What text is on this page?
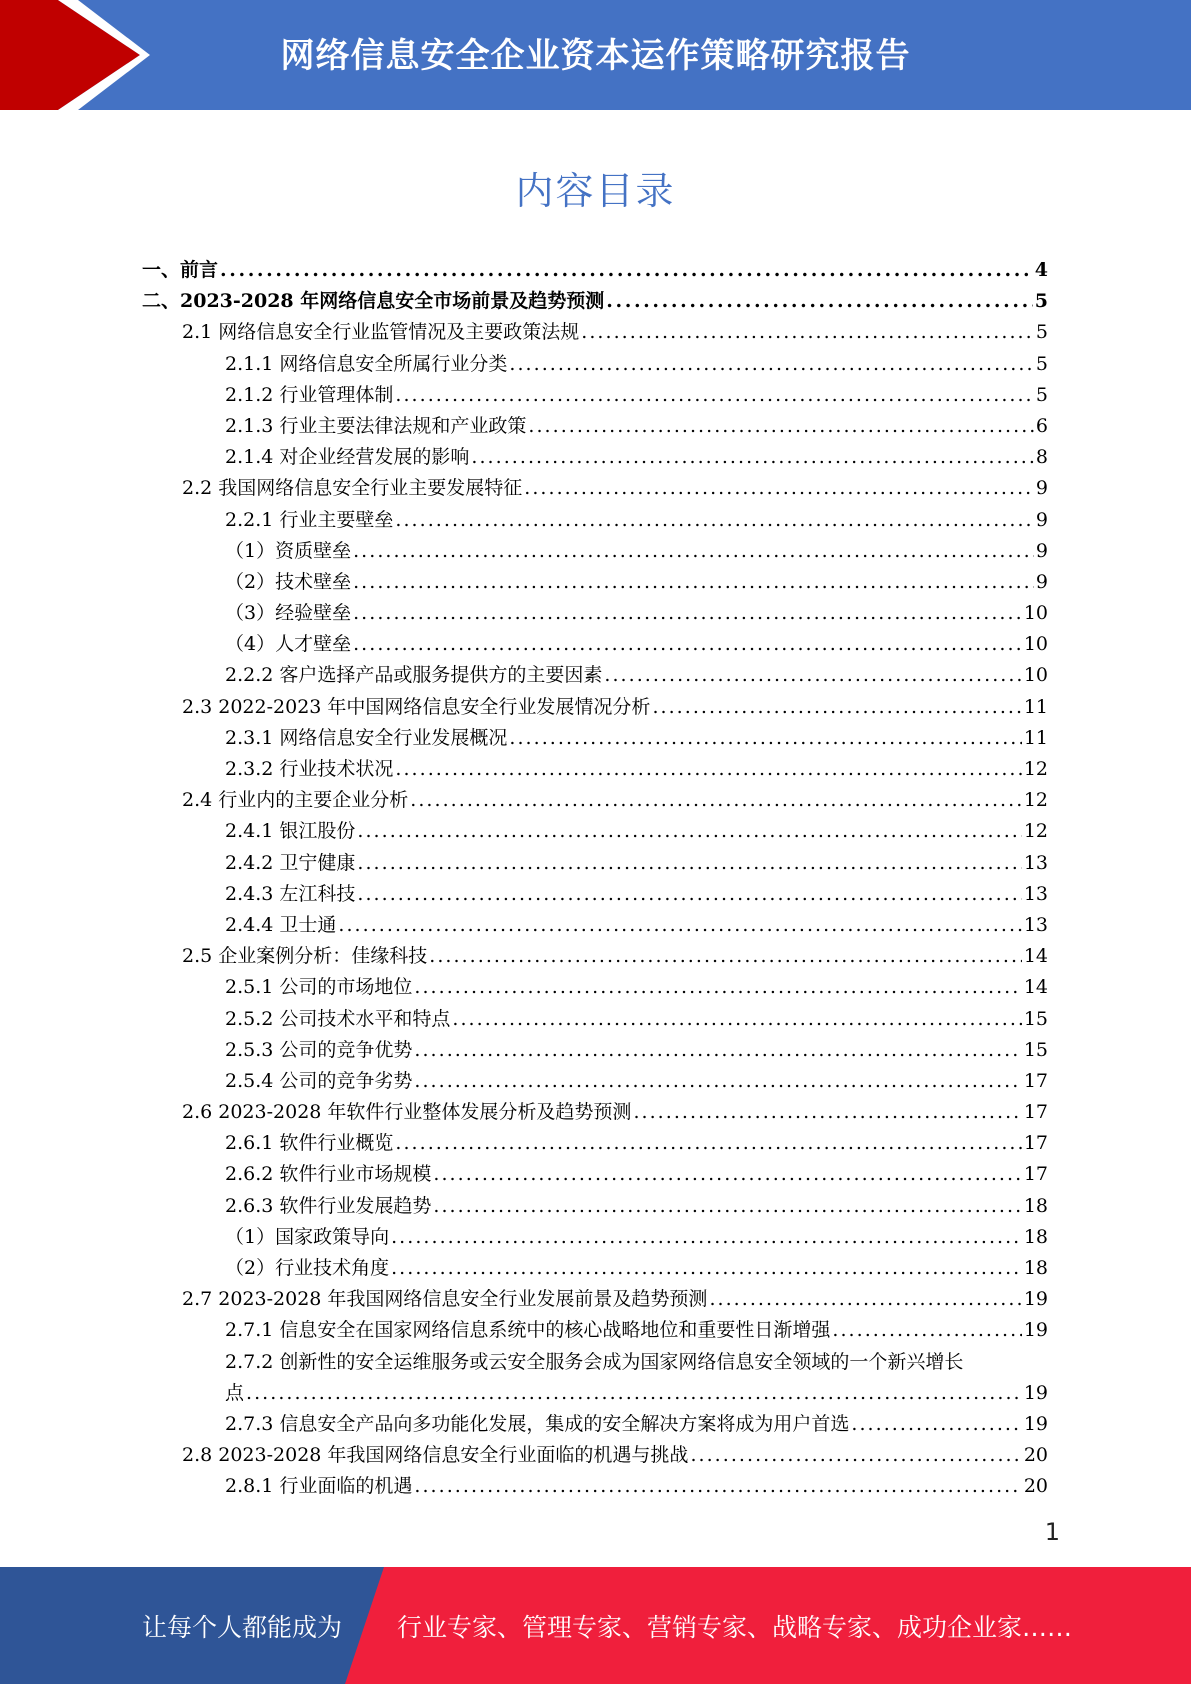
网络信息安全企业资本运作策略研究报告
内容目录
一、前言 . . .	4
二、2023-2028 年网络信息安全市场前景及趋势预测 . . .	5
2.1 网络信息安全行业监管情况及主要政策法规 . . .	5
2.1.1 网络信息安全所属行业分类 . . .	5
2.1.2 行业管理体制 . . .	5
2.1.3 行业主要法律法规和产业政策 . . .	6
2.1.4 对企业经营发展的影响 . . .	8
2.2 我国网络信息安全行业主要发展特征 . . .	9
2.2.1 行业主要壁垒 . . .	9
（1）资质壁垒 . . .	9
（2）技术壁垒 . . .	9
（3）经验壁垒 . . .	10
（4）人才壁垒 . . .	10
2.2.2 客户选择产品或服务提供方的主要因素 . . .	10
2.3 2022-2023 年中国网络信息安全行业发展情况分析 . . .	11
2.3.1 网络信息安全行业发展概况 . . .	11
2.3.2 行业技术状况 . . .	12
2.4 行业内的主要企业分析 . . .	12
2.4.1 银江股份 . . .	12
2.4.2 卫宁健康 . . .	13
2.4.3 左江科技 . . .	13
2.4.4 卫士通 . . .	13
2.5 企业案例分析：佳缘科技 . . .	14
2.5.1 公司的市场地位 . . .	14
2.5.2 公司技术水平和特点 . . .	15
2.5.3 公司的竞争优势 . . .	15
2.5.4 公司的竞争劣势 . . .	17
2.6 2023-2028 年软件行业整体发展分析及趋势预测 . . .	17
2.6.1 软件行业概览 . . .	17
2.6.2 软件行业市场规模 . . .	17
2.6.3 软件行业发展趋势 . . .	18
（1）国家政策导向 . . .	18
（2）行业技术角度 . . .	18
2.7 2023-2028 年我国网络信息安全行业发展前景及趋势预测 . . .	19
2.7.1 信息安全在国家网络信息系统中的核心战略地位和重要性日渐增强 . . .	19
2.7.2 创新性的安全运维服务或云安全服务会成为国家网络信息安全领域的一个新兴增长
点 . . .	19
2.7.3 信息安全产品向多功能化发展，集成的安全解决方案将成为用户首选 . . .	19
2.8 2023-2028 年我国网络信息安全行业面临的机遇与挑战 . . .	20
2.8.1 行业面临的机遇 . . .	20
1
让每个人都能成为 行业专家、管理专家、营销专家、战略专家、成功企业家……
